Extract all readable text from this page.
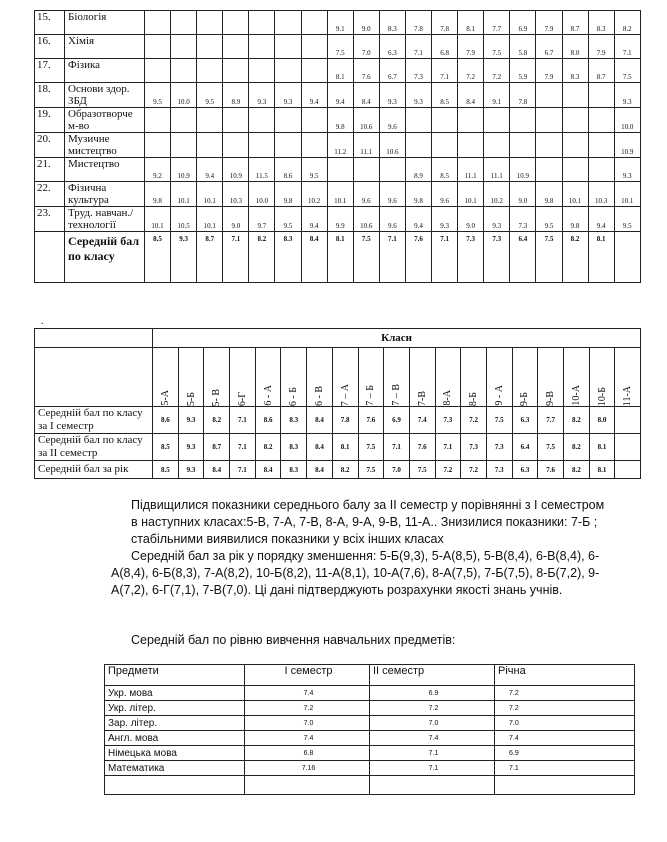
15.	Біологія								9.1	9.0	8.3	7.8	7.8	8.1	7.7	6.9	7.9	8.7	8.3	8.2
16.	Хімія								7.5	7.0	6.3	7.1	6.8	7.9	7.5	5.8	6.7	8.0	7.9	7.1
17.	Фізика								8.1	7.6	6.7	7.3	7.1	7.2	7.2	5.9	7.9	8.3	8.7	7.5
18.	Основи здор. ЗБД	9.5	10.0	9.5	8.9	9.3	9.3	9.4	9.4	8.4	9.3	9.3	8.5	8.4	9.1	7.8				9.3
19.	Образотворче м-во								9.8	10.6	9.6									10.0
20.	Музичне мистецтво								11.2	11.1	10.6									10.9
21.	Мистецтво	9.2	10.9	9.4	10.9	11.5	8.6	9.5				8.9	8.5	11.1	11.1	10.9				9.3
22.	Фізична культура	9.8	10.1	10.1	10.3	10.0	9.8	10.2	10.1	9.6	9.6	9.8	9.6	10.1	10.2	9.0	9.8	10.1	10.3	10.1
23.	Труд. навчан./ технології	10.1	10.5	10.1	9.0	9.7	9.5	9.4	9.9	10.6	9.6	9.4	9.3	9.0	9.3	7.3	9.5	9.8	9.4	9.5
	Середній бал по класу	8.5	9.3	8.7	7.1	8.2	8.3	8.4	8.1	7.5	7.1	7.6	7.1	7.3	7.3	6.4	7.5	8.2	8.1	
.
	Класи																		

	5-А	5-Б	5- В	6-Г	6 - А	6 - Б	6 - В	7 – А	7 – Б	7 – В	7-В	8-А	8-Б	9 - А	9-Б	9-В	10-А	10-Б	11-А

Середній бал по класу за І семестр	8.6	9.3	8.2	7.1	8.6	8.3	8.4	7.8	7.6	6.9	7.4	7.3	7.2	7.5	6.3	7.7	8.2	8.0	
Середній бал по класу за ІІ семестр	8.5	9.3	8.7	7.1	8.2	8.3	8.4	8.1	7.5	7.1	7.6	7.1	7.3	7.3	6.4	7.5	8.2	8.1	
Середній бал за рік	8.5	9.3	8.4	7.1	8.4	8.3	8.4	8.2	7.5	7.0	7.5	7.2	7.2	7.3	6.3	7.6	8.2	8.1	

Підвищилися показники середнього балу за ІІ семестр у порівнянні з І семестром в наступних класах:5-В, 7-А, 7-В, 8-А, 9-А, 9-В, 11-А.. Знизилися показники: 7-Б ; стабільними виявилися показники у всіх інших класах

Середній бал за рік у порядку зменшення: 5-Б(9,3), 5-А(8,5), 5-В(8,4), 6-В(8,4), 6-А(8,4), 6-Б(8,3), 7-А(8,2), 10-Б(8,2), 11-А(8,1), 10-А(7,6), 8-А(7,5), 7-Б(7,5), 8-Б(7,2), 9-А(7,2), 6-Г(7,1), 7-В(7,0). Ці дані підтверджують розрахунки якості знань учнів.

Середній бал по рівню вивчення навчальних предметів:

Предмети	І семестр	ІІ семестр	Річна
Укр. мова	7.4	6.9	7.2
Укр. літер.	7.2	7.2	7.2
Зар. літер.	7.0	7.0	7.0
Англ. мова	7.4	7.4	7.4
Німецька мова	6.8	7.1	6.9
Математика	7.16	7.1	7.1
